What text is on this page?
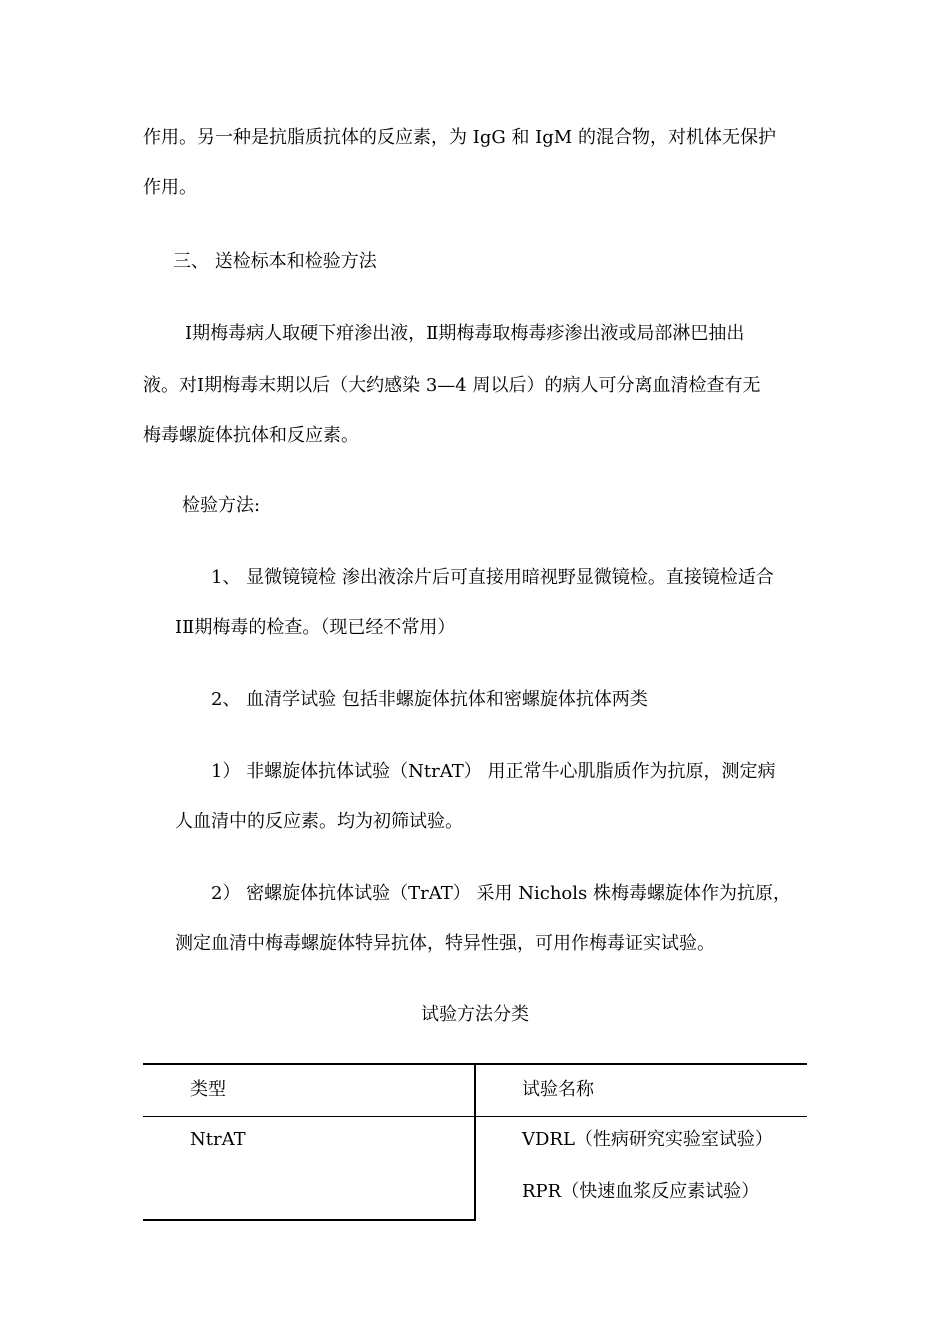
作用。另一种是抗脂质抗体的反应素，为 IgG 和 IgM 的混合物，对机体无保护
作用。
三、 送检标本和检验方法
Ⅰ期梅毒病人取硬下疳渗出液，Ⅱ期梅毒取梅毒疹渗出液或局部淋巴抽出
液。对Ⅰ期梅毒末期以后（大约感染 3—4 周以后）的病人可分离血清检查有无
梅毒螺旋体抗体和反应素。
检验方法:
1、 显微镜镜检 渗出液涂片后可直接用暗视野显微镜检。直接镜检适合
ⅠⅡ期梅毒的检查。（现已经不常用）
2、 血清学试验 包括非螺旋体抗体和密螺旋体抗体两类
1） 非螺旋体抗体试验（NtrAT） 用正常牛心肌脂质作为抗原，测定病
人血清中的反应素。均为初筛试验。
2） 密螺旋体抗体试验（TrAT） 采用 Nichols 株梅毒螺旋体作为抗原，
测定血清中梅毒螺旋体特异抗体，特异性强，可用作梅毒证实试验。
试验方法分类
类型	试验名称
NtrAT	VDRL（性病研究实验室试验）
RPR（快速血浆反应素试验）
